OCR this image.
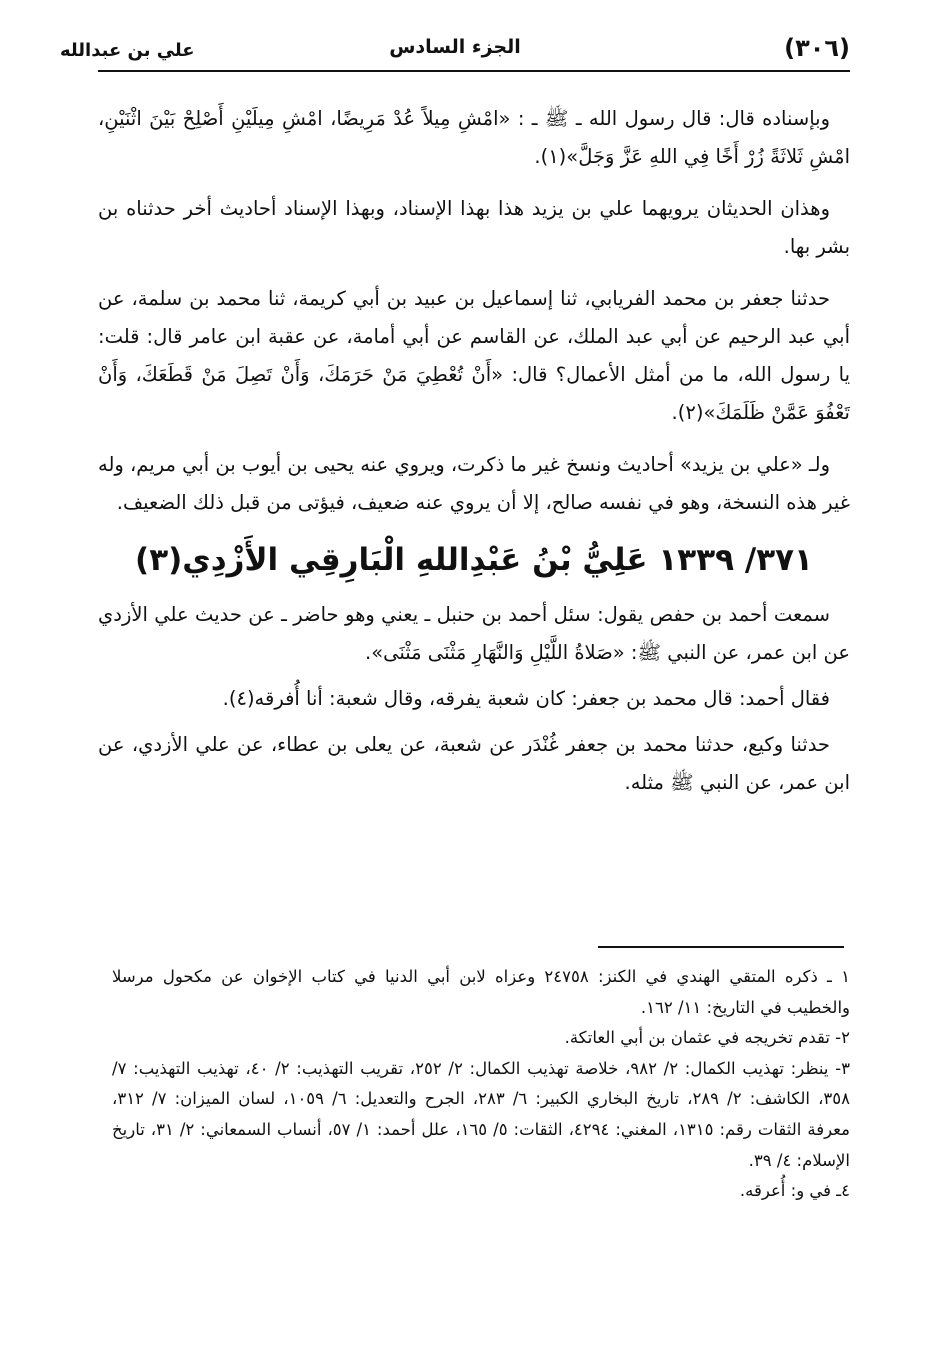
(٣٠٦)
الجزء السادس
علي بن عبدالله

وبإسناده قال: قال رسول الله ـ ﷺ ـ : «امْشِ مِيلاً عُدْ مَرِيضًا، امْشِ مِيلَيْنِ أَصْلِحْ بَيْنَ اثْنَيْنِ، امْشِ ثَلاثَةً زُرْ أَخًا فِي اللهِ عَزَّ وَجَلَّ»(١).

وهذان الحديثان يرويهما علي بن يزيد هذا بهذا الإسناد، وبهذا الإسناد أحاديث أخر حدثناه بن بشر بها.

حدثنا جعفر بن محمد الفريابي، ثنا إسماعيل بن عبيد بن أبي كريمة، ثنا محمد بن سلمة، عن أبي عبد الرحيم عن أبي عبد الملك، عن القاسم عن أبي أمامة، عن عقبة ابن عامر قال: قلت: يا رسول الله، ما من أمثل الأعمال؟ قال: «أَنْ تُعْطِيَ مَنْ حَرَمَكَ، وَأَنْ تَصِلَ مَنْ قَطَعَكَ، وَأَنْ تَعْفُوَ عَمَّنْ ظَلَمَكَ»(٢).

ولـ «علي بن يزيد» أحاديث ونسخ غير ما ذكرت، ويروي عنه يحيى بن أيوب بن أبي مريم، وله غير هذه النسخة، وهو في نفسه صالح، إلا أن يروي عنه ضعيف، فيؤتى من قبل ذلك الضعيف.

٣٧١/ ١٣٣٩ عَلِيُّ بْنُ عَبْدِاللهِ الْبَارِقِي الأَزْدِي(٣)

سمعت أحمد بن حفص يقول: سئل أحمد بن حنبل ـ يعني وهو حاضر ـ عن حديث علي الأزدي عن ابن عمر، عن النبي ﷺ: «صَلاةُ اللَّيْلِ وَالنَّهَارِ مَثْنَى مَثْنَى».

فقال أحمد: قال محمد بن جعفر: كان شعبة يفرقه، وقال شعبة: أنا أُفرقه(٤).

حدثنا وكيع، حدثنا محمد بن جعفر غُنْدَر عن شعبة، عن يعلى بن عطاء، عن علي الأزدي، عن ابن عمر، عن النبي ﷺ مثله.

١ ـ ذكره المتقي الهندي في الكنز: ٢٤٧٥٨ وعزاه لابن أبي الدنيا في كتاب الإخوان عن مكحول مرسلا والخطيب في التاريخ: ١١/ ١٦٢.

٢- تقدم تخريجه في عثمان بن أبي العاتكة.

٣- ينظر: تهذيب الكمال: ٢/ ٩٨٢، خلاصة تهذيب الكمال: ٢/ ٢٥٢، تقريب التهذيب: ٢/ ٤٠، تهذيب التهذيب: ٧/ ٣٥٨، الكاشف: ٢/ ٢٨٩، تاريخ البخاري الكبير: ٦/ ٢٨٣، الجرح والتعديل: ٦/ ١٠٥٩، لسان الميزان: ٧/ ٣١٢، معرفة الثقات رقم: ١٣١٥، المغني: ٤٢٩٤، الثقات: ٥/ ١٦٥، علل أحمد: ١/ ٥٧، أنساب السمعاني: ٢/ ٣١، تاريخ الإسلام: ٤/ ٣٩.

٤ـ في و: أُعرقه.
